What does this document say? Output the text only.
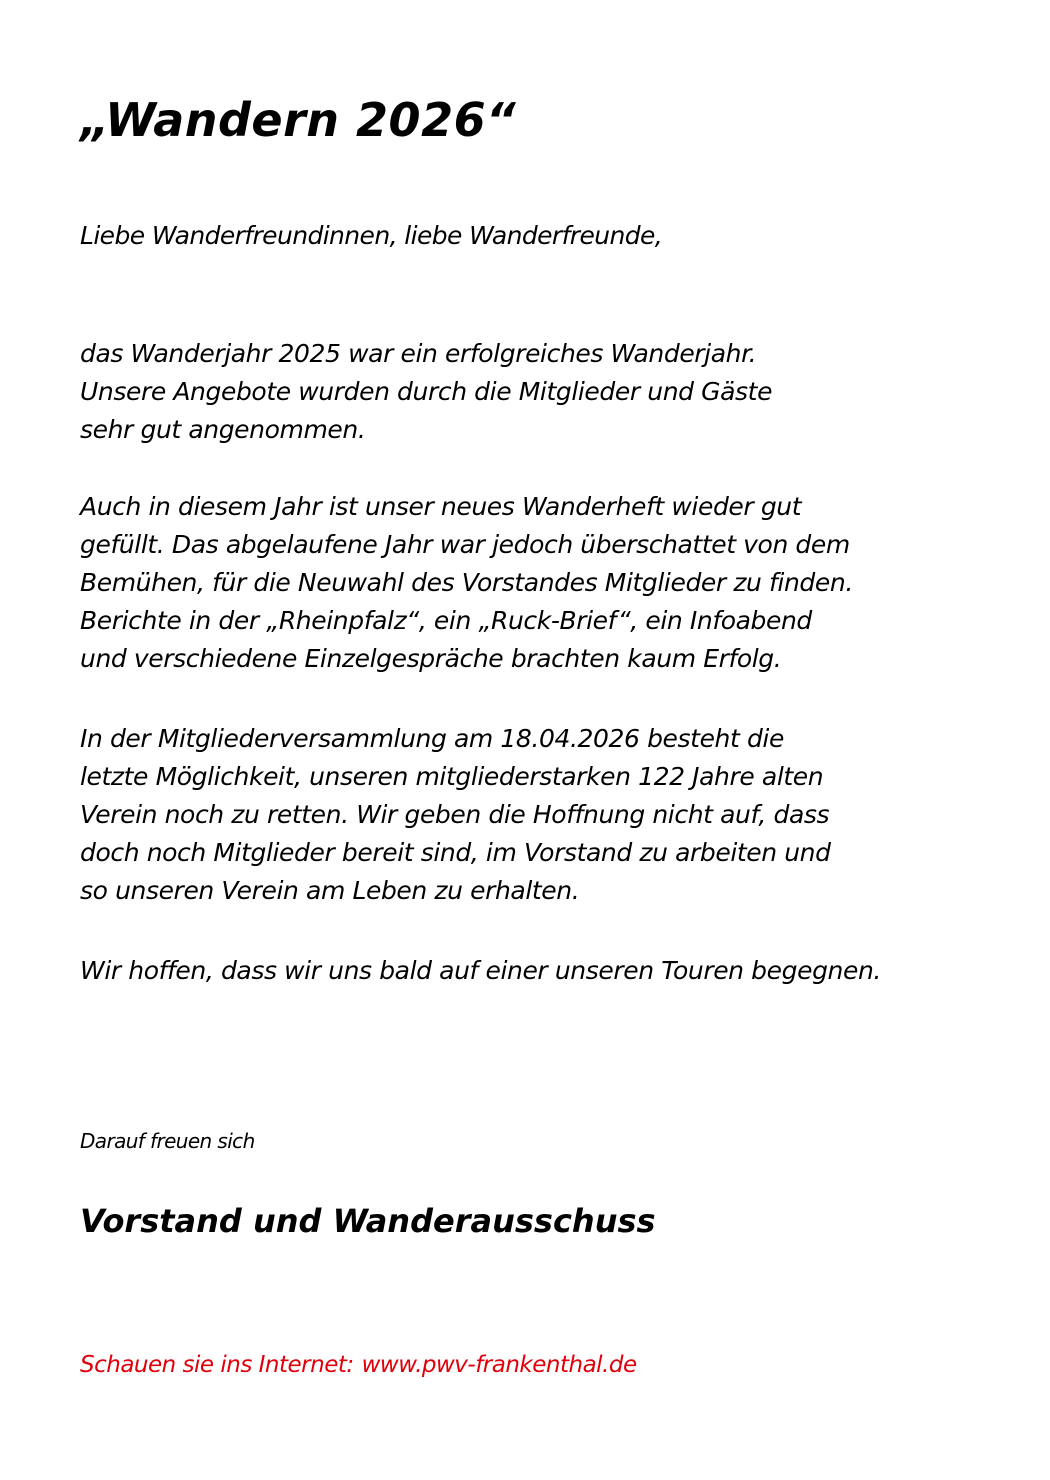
„Wandern 2026“

Liebe Wanderfreundinnen, liebe Wanderfreunde,

das Wanderjahr 2025 war ein erfolgreiches Wanderjahr.
Unsere Angebote wurden durch die Mitglieder und Gäste
sehr gut angenommen.

Auch in diesem Jahr ist unser neues Wanderheft wieder gut
gefüllt. Das abgelaufene Jahr war jedoch überschattet von dem
Bemühen, für die Neuwahl des Vorstandes Mitglieder zu finden.
Berichte in der „Rheinpfalz“, ein „Ruck-Brief“, ein Infoabend
und verschiedene Einzelgespräche brachten kaum Erfolg.

In der Mitgliederversammlung am 18.04.2026 besteht die
letzte Möglichkeit, unseren mitgliederstarken 122 Jahre alten
Verein noch zu retten. Wir geben die Hoffnung nicht auf, dass
doch noch Mitglieder bereit sind, im Vorstand zu arbeiten und
so unseren Verein am Leben zu erhalten.

Wir hoffen, dass wir uns bald auf einer unseren Touren begegnen.

Darauf freuen sich

Vorstand und Wanderausschuss

Schauen sie ins Internet: www.pwv-frankenthal.de
